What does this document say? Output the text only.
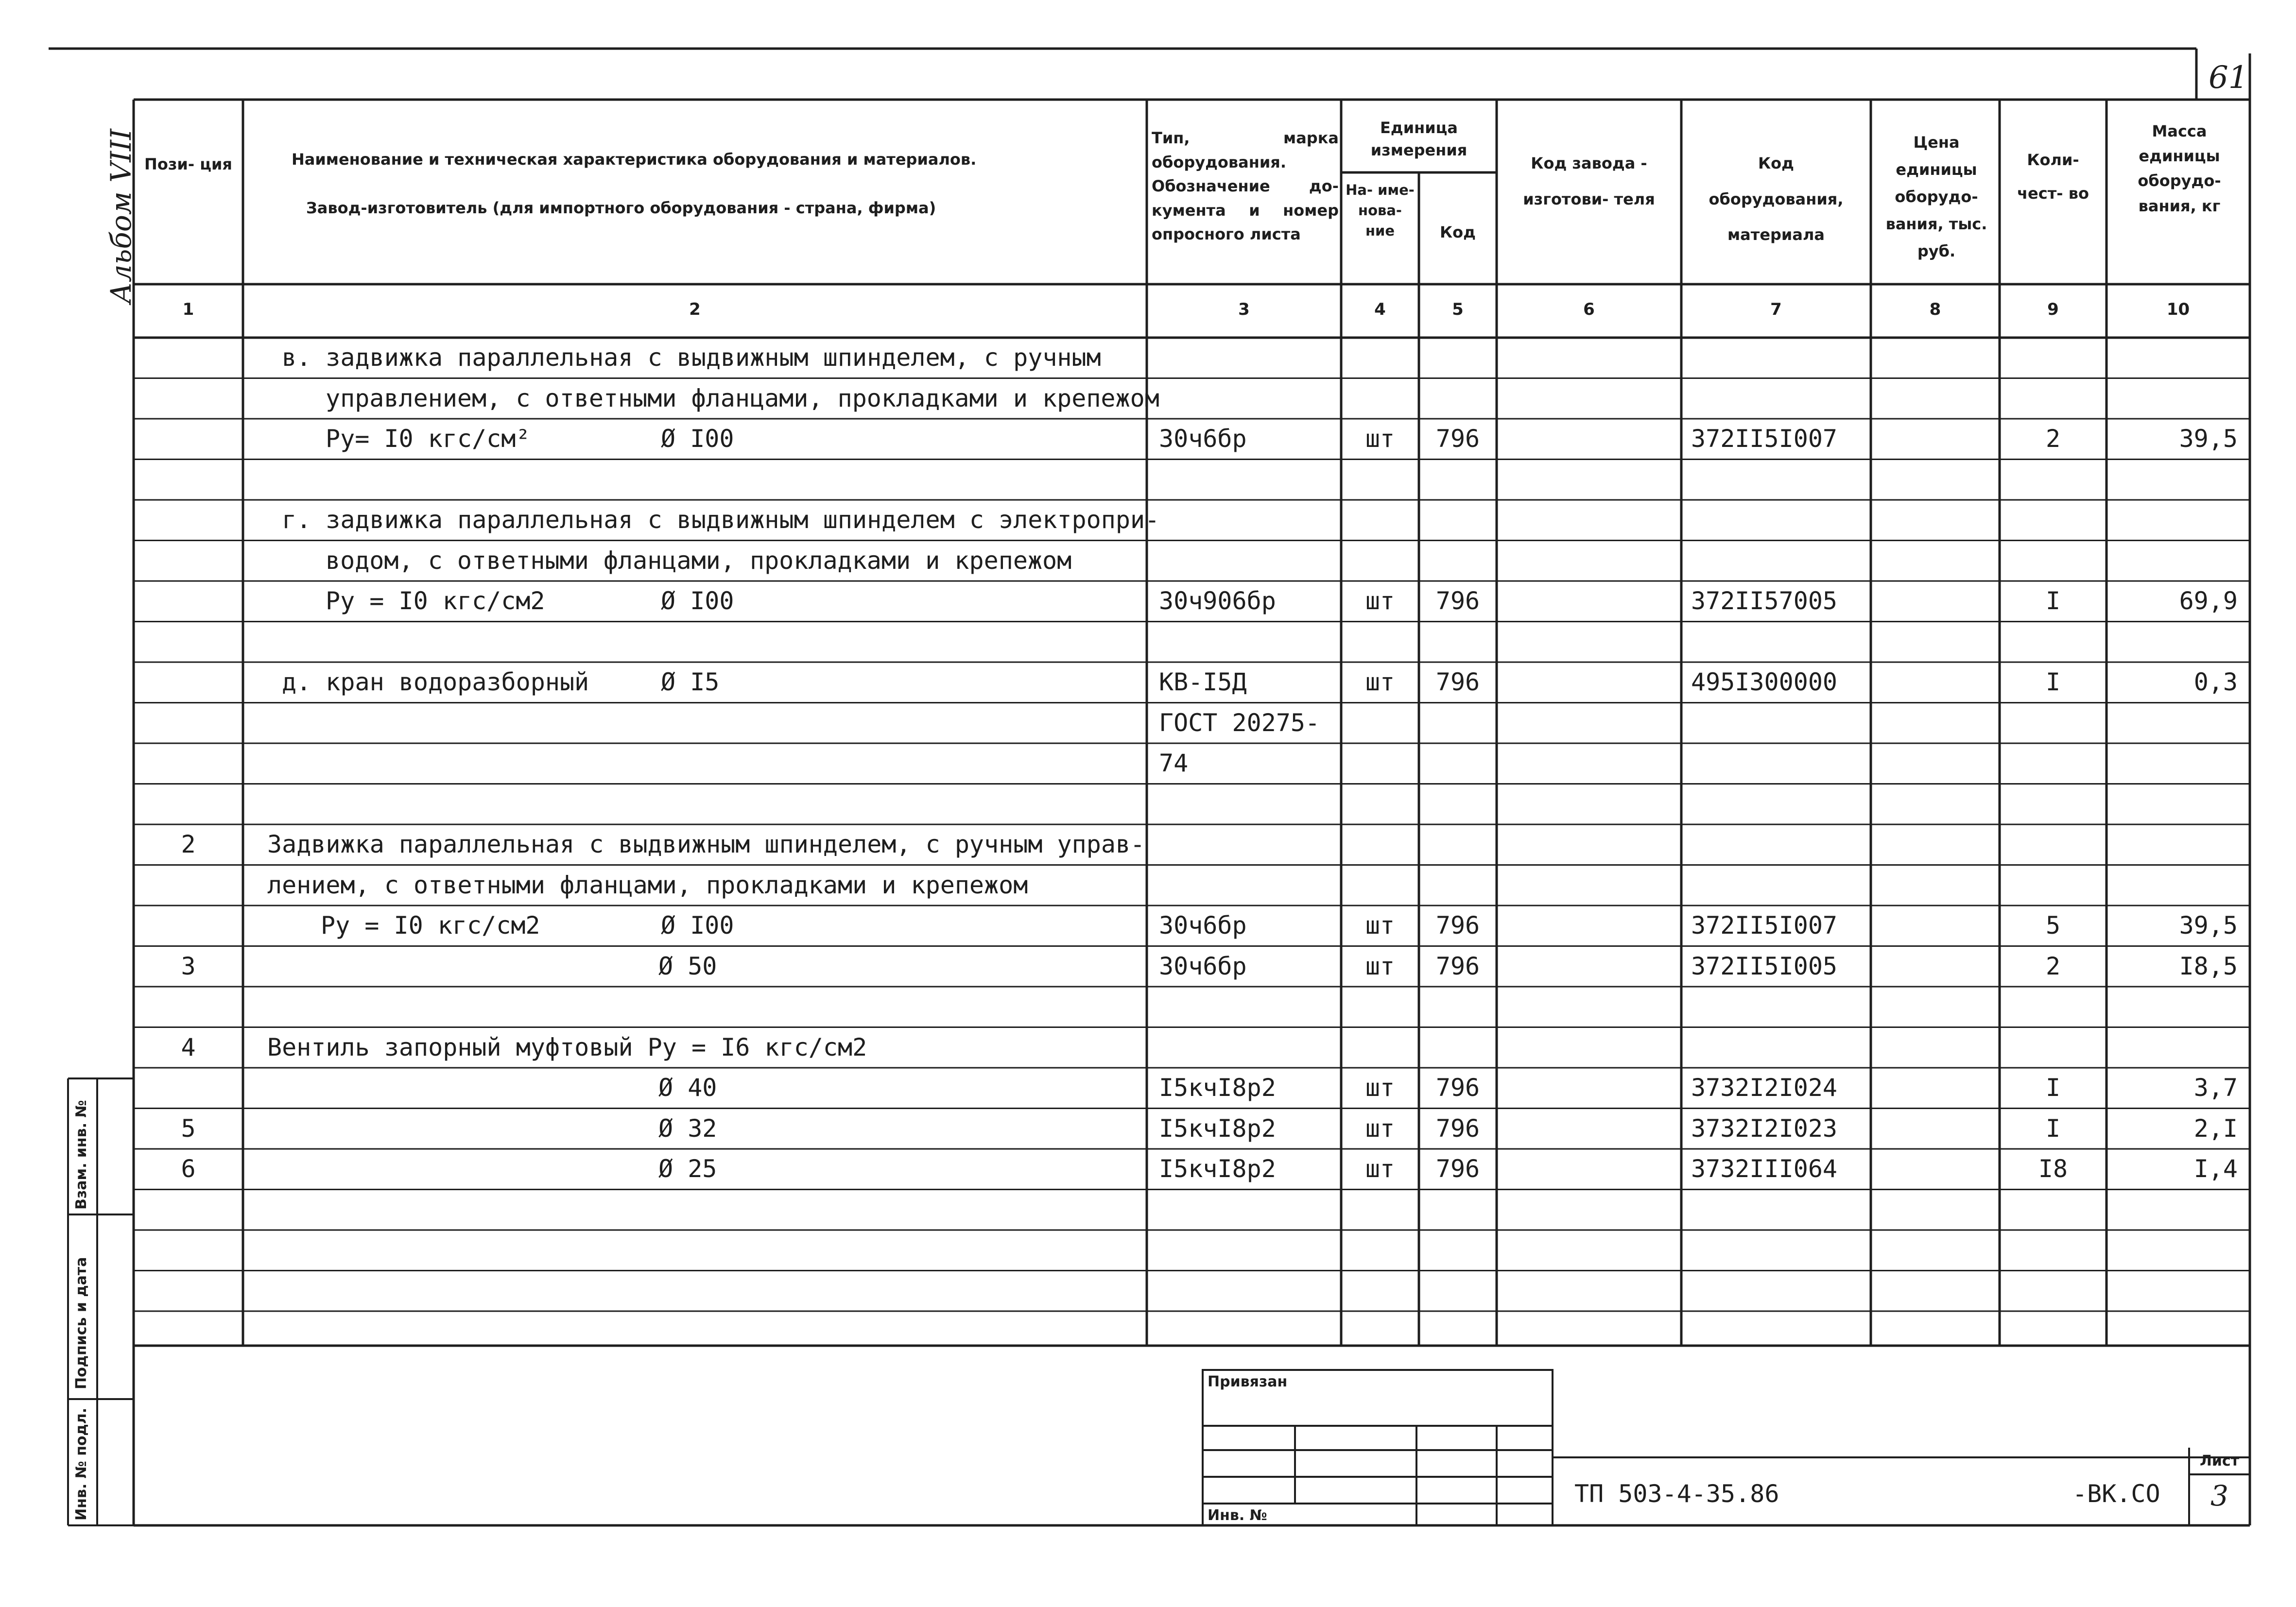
61
Альбом VIII Пози- ция	Наименование и техническая характеристика оборудования и материалов.
Завод-изготовитель (для импортного оборудования - страна, фирма)
Тип, марка оборудования. Обозначение до- кумента и номер опросного листа
Единица измерения
На- име- нова- ние	Код
Код завода - изготови- теля
Код оборудования, материала
Цена единицы оборудо- вания, тыс. руб.
Коли- чест- во
Масса единицы оборудо- вания, кг
1	2	3	4	5	6	7	8	9	10
в. задвижка параллельная с выдвижным шпинделем, с ручным
управлением, с ответными фланцами, прокладками и крепежом
Py= I0 кгс/см²	Ø I00	30ч6бр	шт	796	372II5I007	2	39,5
г. задвижка параллельная с выдвижным шпинделем с электропри-
водом, с ответными фланцами, прокладками и крепежом
Py = I0 кгс/см2	Ø I00	30ч906бр	шт	796	372II57005	I	69,9
д. кран водоразборный	Ø I5	КВ-I5Д	шт	796	495I300000	I	0,3
ГОСТ 20275-
74
2	Задвижка параллельная с выдвижным шпинделем, с ручным управ-
лением, с ответными фланцами, прокладками и крепежом
Py = I0 кгс/см2	Ø I00	30ч6бр	шт	796	372II5I007	5	39,5
3	Ø 50	30ч6бр	шт	796	372II5I005	2	I8,5
4	Вентиль запорный муфтовый Py = I6 кгс/см2
Ø 40	I5кчI8р2	шт	796	3732I2I024	I	3,7
5	Ø 32	I5кчI8р2	шт	796	3732I2I023	I	2,I
6	Ø 25	I5кчI8р2	шт	796	3732III064	I8	I,4
Привязан
Инв. №
ТП 503-4-35.86	-ВК.СО
Лист
3
Взам. инв. №
Подпись и дата
Инв. № подл.
